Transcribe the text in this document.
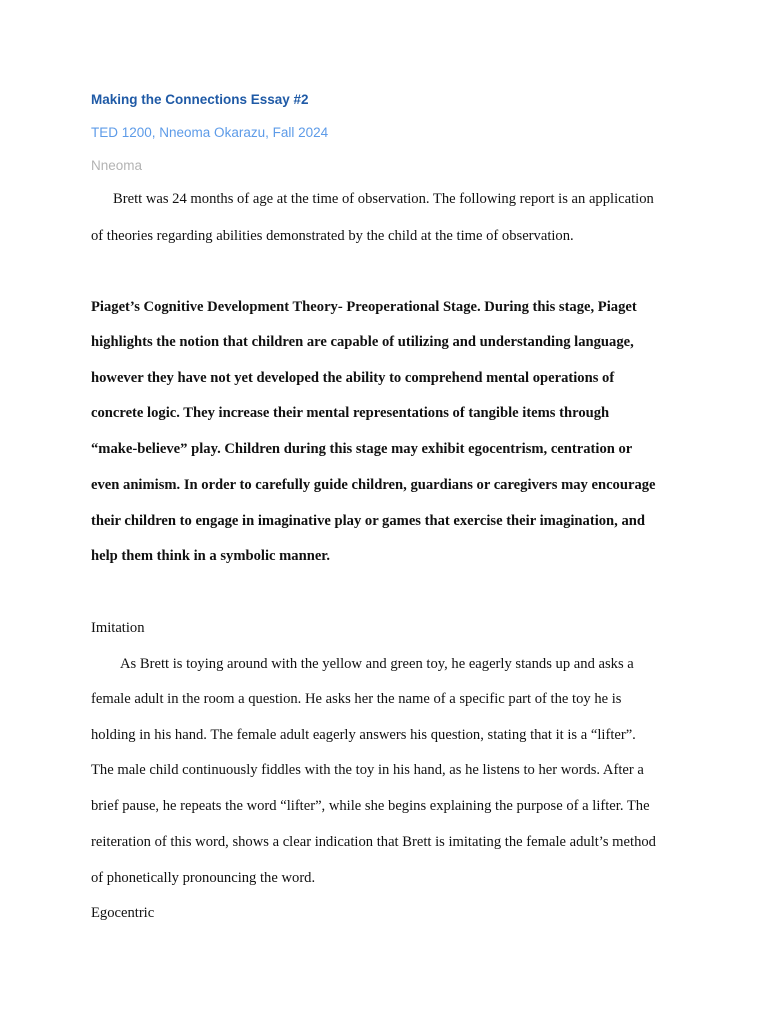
Making the Connections Essay #2
TED 1200, Nneoma Okarazu, Fall 2024
Nneoma
Brett was 24 months of age at the time of observation. The following report is an application
of theories regarding abilities demonstrated by the child at the time of observation.
Piaget’s Cognitive Development Theory- Preoperational Stage. During this stage, Piaget
highlights the notion that children are capable of utilizing and understanding language,
however they have not yet developed the ability to comprehend mental operations of
concrete logic. They increase their mental representations of tangible items through
“make-believe” play. Children during this stage may exhibit egocentrism, centration or
even animism. In order to carefully guide children, guardians or caregivers may encourage
their children to engage in imaginative play or games that exercise their imagination, and
help them think in a symbolic manner.
Imitation
As Brett is toying around with the yellow and green toy, he eagerly stands up and asks a
female adult in the room a question. He asks her the name of a specific part of the toy he is
holding in his hand. The female adult eagerly answers his question, stating that it is a “lifter”.
The male child continuously fiddles with the toy in his hand, as he listens to her words. After a
brief pause, he repeats the word “lifter”, while she begins explaining the purpose of a lifter. The
reiteration of this word, shows a clear indication that Brett is imitating the female adult’s method
of phonetically pronouncing the word.
Egocentric
